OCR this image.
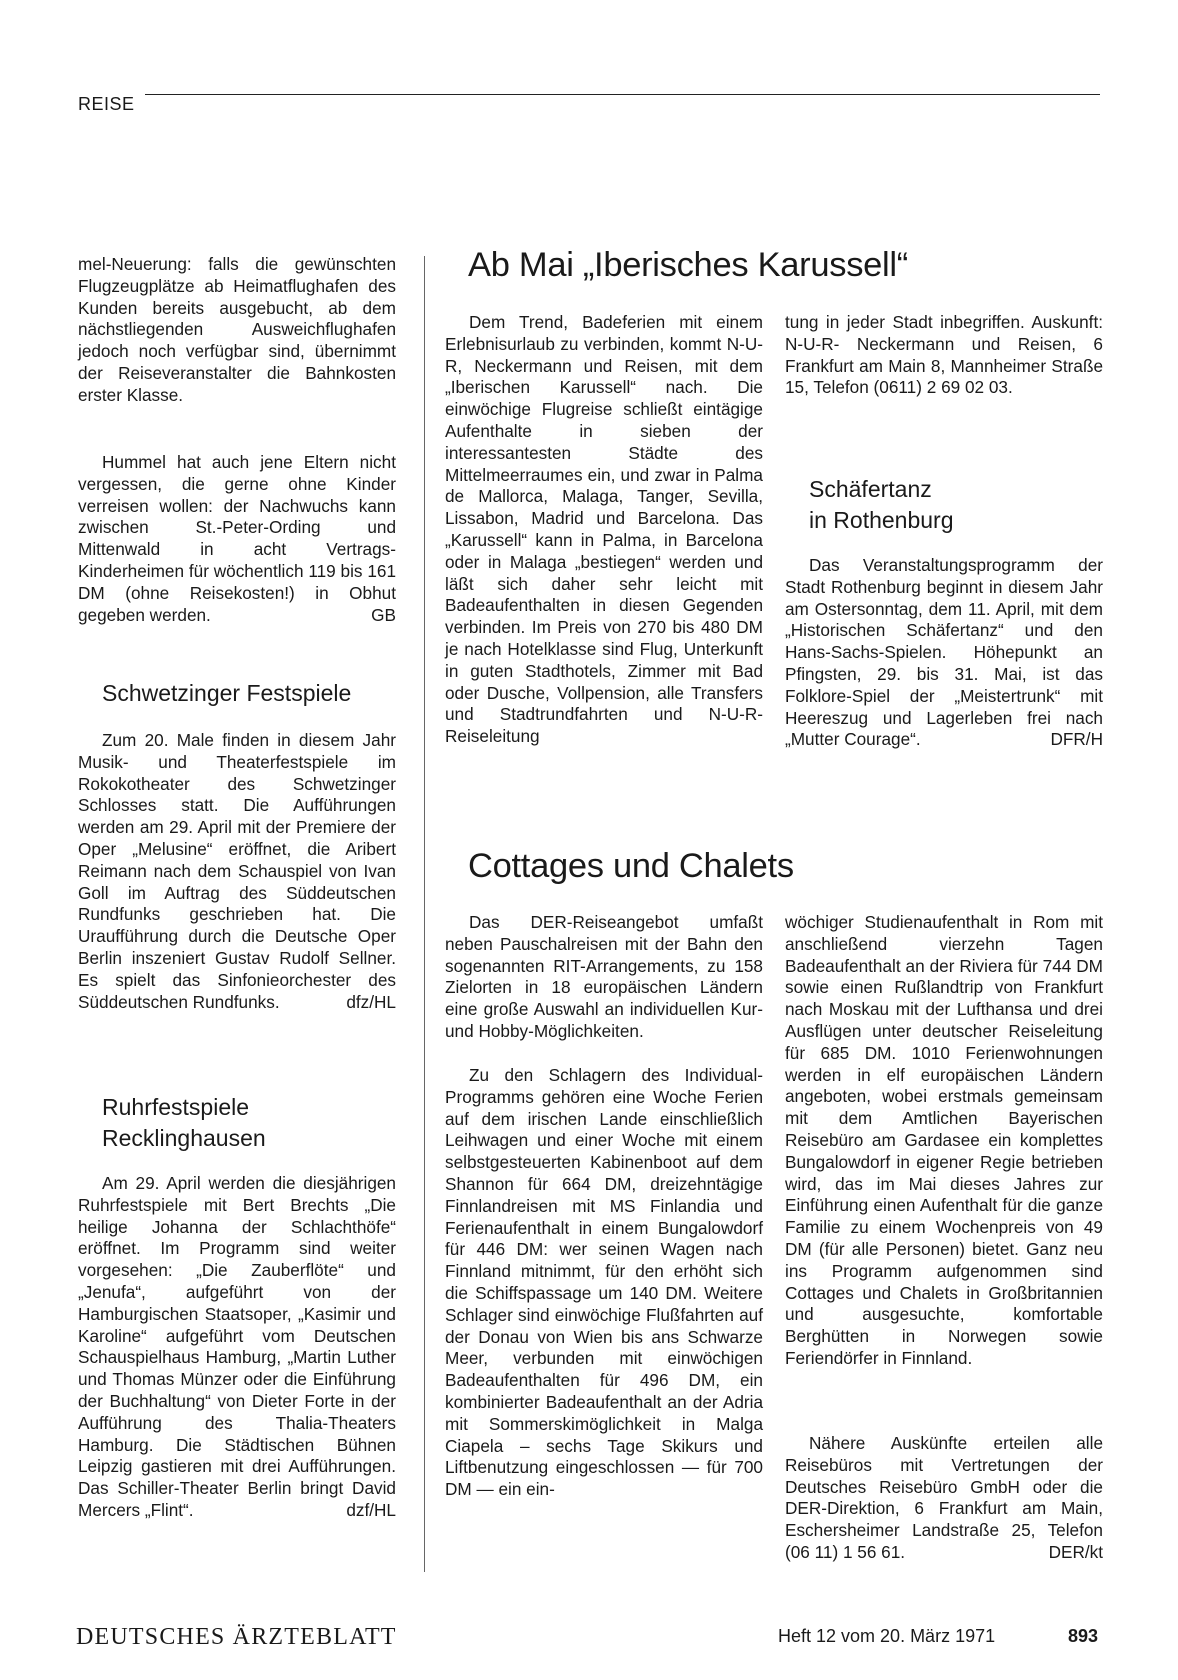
REISE

mel-Neuerung: falls die gewünschten Flugzeugplätze ab Heimatflughafen des Kunden bereits ausgebucht, ab dem nächstliegenden Ausweichflughafen jedoch noch verfügbar sind, übernimmt der Reiseveranstalter die Bahnkosten erster Klasse.

Hummel hat auch jene Eltern nicht vergessen, die gerne ohne Kinder verreisen wollen: der Nachwuchs kann zwischen St.-Peter-Ording und Mittenwald in acht Vertrags-Kinderheimen für wöchentlich 119 bis 161 DM (ohne Reisekosten!) in Obhut gegeben werden.	GB

Schwetzinger Festspiele

Zum 20. Male finden in diesem Jahr Musik- und Theaterfestspiele im Rokokotheater des Schwetzinger Schlosses statt. Die Aufführungen werden am 29. April mit der Premiere der Oper „Melusine“ eröffnet, die Aribert Reimann nach dem Schauspiel von Ivan Goll im Auftrag des Süddeutschen Rundfunks geschrieben hat. Die Uraufführung durch die Deutsche Oper Berlin inszeniert Gustav Rudolf Sellner. Es spielt das Sinfonieorchester des Süddeutschen Rundfunks.	dfz/HL

Ruhrfestspiele
Recklinghausen

Am 29. April werden die diesjährigen Ruhrfestspiele mit Bert Brechts „Die heilige Johanna der Schlachthöfe“ eröffnet. Im Programm sind weiter vorgesehen: „Die Zauberflöte“ und „Jenufa“, aufgeführt von der Hamburgischen Staatsoper, „Kasimir und Karoline“ aufgeführt vom Deutschen Schauspielhaus Hamburg, „Martin Luther und Thomas Münzer oder die Einführung der Buchhaltung“ von Dieter Forte in der Aufführung des Thalia-Theaters Hamburg. Die Städtischen Bühnen Leipzig gastieren mit drei Aufführungen. Das Schiller-Theater Berlin bringt David Mercers „Flint“.	dzf/HL

Ab Mai „Iberisches Karussell“

Dem Trend, Badeferien mit einem Erlebnisurlaub zu verbinden, kommt N-U-R, Neckermann und Reisen, mit dem „Iberischen Karussell“ nach. Die einwöchige Flugreise schließt eintägige Aufenthalte in sieben der interessantesten Städte des Mittelmeerraumes ein, und zwar in Palma de Mallorca, Malaga, Tanger, Sevilla, Lissabon, Madrid und Barcelona. Das „Karussell“ kann in Palma, in Barcelona oder in Malaga „bestiegen“ werden und läßt sich daher sehr leicht mit Badeaufenthalten in diesen Gegenden verbinden. Im Preis von 270 bis 480 DM je nach Hotelklasse sind Flug, Unterkunft in guten Stadthotels, Zimmer mit Bad oder Dusche, Vollpension, alle Transfers und Stadtrundfahrten und N-U-R-Reiseleitung

tung in jeder Stadt inbegriffen. Auskunft: N-U-R- Neckermann und Reisen, 6 Frankfurt am Main 8, Mannheimer Straße 15, Telefon (0611) 2 69 02 03.

Schäfertanz
in Rothenburg

Das Veranstaltungsprogramm der Stadt Rothenburg beginnt in diesem Jahr am Ostersonntag, dem 11. April, mit dem „Historischen Schäfertanz“ und den Hans-Sachs-Spielen. Höhepunkt an Pfingsten, 29. bis 31. Mai, ist das Folklore-Spiel der „Meistertrunk“ mit Heereszug und Lagerleben frei nach „Mutter Courage“.	DFR/H

Cottages und Chalets

Das DER-Reiseangebot umfaßt neben Pauschalreisen mit der Bahn den sogenannten RIT-Arrangements, zu 158 Zielorten in 18 europäischen Ländern eine große Auswahl an individuellen Kur- und Hobby-Möglichkeiten.

Zu den Schlagern des Individual-Programms gehören eine Woche Ferien auf dem irischen Lande einschließlich Leihwagen und einer Woche mit einem selbstgesteuerten Kabinenboot auf dem Shannon für 664 DM, dreizehntägige Finnlandreisen mit MS Finlandia und Ferienaufenthalt in einem Bungalowdorf für 446 DM: wer seinen Wagen nach Finnland mitnimmt, für den erhöht sich die Schiffspassage um 140 DM. Weitere Schlager sind einwöchige Flußfahrten auf der Donau von Wien bis ans Schwarze Meer, verbunden mit einwöchigen Badeaufenthalten für 496 DM, ein kombinierter Badeaufenthalt an der Adria mit Sommerskimöglichkeit in Malga Ciapela – sechs Tage Skikurs und Liftbenutzung eingeschlossen — für 700 DM — ein ein-

wöchiger Studienaufenthalt in Rom mit anschließend vierzehn Tagen Badeaufenthalt an der Riviera für 744 DM sowie einen Rußlandtrip von Frankfurt nach Moskau mit der Lufthansa und drei Ausflügen unter deutscher Reiseleitung für 685 DM. 1010 Ferienwohnungen werden in elf europäischen Ländern angeboten, wobei erstmals gemeinsam mit dem Amtlichen Bayerischen Reisebüro am Gardasee ein komplettes Bungalowdorf in eigener Regie betrieben wird, das im Mai dieses Jahres zur Einführung einen Aufenthalt für die ganze Familie zu einem Wochenpreis von 49 DM (für alle Personen) bietet. Ganz neu ins Programm aufgenommen sind Cottages und Chalets in Großbritannien und ausgesuchte, komfortable Berghütten in Norwegen sowie Feriendörfer in Finnland.

Nähere Auskünfte erteilen alle Reisebüros mit Vertretungen der Deutsches Reisebüro GmbH oder die DER-Direktion, 6 Frankfurt am Main, Eschersheimer Landstraße 25, Telefon (06 11) 1 56 61.	DER/kt

DEUTSCHES ÄRZTEBLATT	Heft 12 vom 20. März 1971	893
